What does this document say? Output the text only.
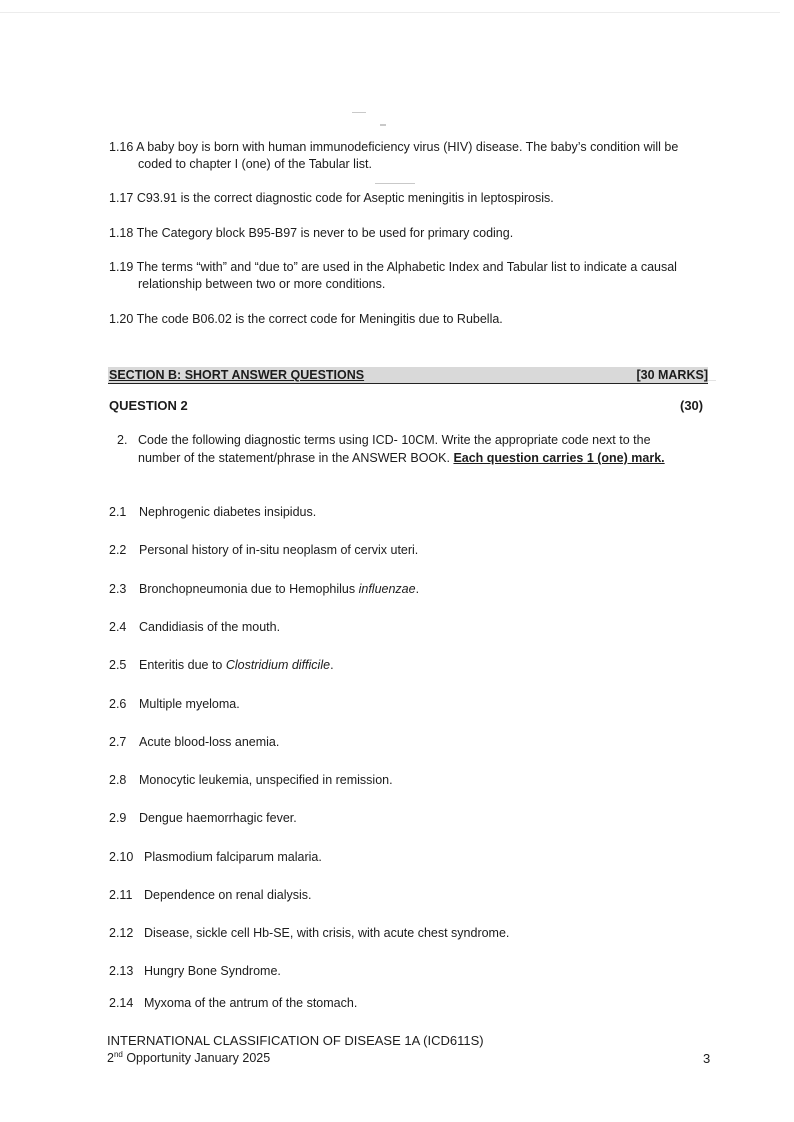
1.16 A baby boy is born with human immunodeficiency virus (HIV) disease. The baby’s condition will be
coded to chapter I (one) of the Tabular list.
1.17 C93.91 is the correct diagnostic code for Aseptic meningitis in leptospirosis.
1.18 The Category block B95-B97 is never to be used for primary coding.
1.19 The terms “with” and “due to” are used in the Alphabetic Index and Tabular list to indicate a causal
relationship between two or more conditions.
1.20 The code B06.02 is the correct code for Meningitis due to Rubella.
SECTION B: SHORT ANSWER QUESTIONS	[30 MARKS]
QUESTION 2	(30)
2. Code the following diagnostic terms using ICD- 10CM. Write the appropriate code next to the number of the statement/phrase in the ANSWER BOOK. Each question carries 1 (one) mark.
2.1 Nephrogenic diabetes insipidus.
2.2 Personal history of in-situ neoplasm of cervix uteri.
2.3 Bronchopneumonia due to Hemophilus influenzae.
2.4 Candidiasis of the mouth.
2.5 Enteritis due to Clostridium difficile.
2.6 Multiple myeloma.
2.7 Acute blood-loss anemia.
2.8 Monocytic leukemia, unspecified in remission.
2.9 Dengue haemorrhagic fever.
2.10 Plasmodium falciparum malaria.
2.11 Dependence on renal dialysis.
2.12 Disease, sickle cell Hb-SE, with crisis, with acute chest syndrome.
2.13 Hungry Bone Syndrome.
2.14 Myxoma of the antrum of the stomach.
INTERNATIONAL CLASSIFICATION OF DISEASE 1A (ICD611S)
2nd Opportunity January 2025	3
